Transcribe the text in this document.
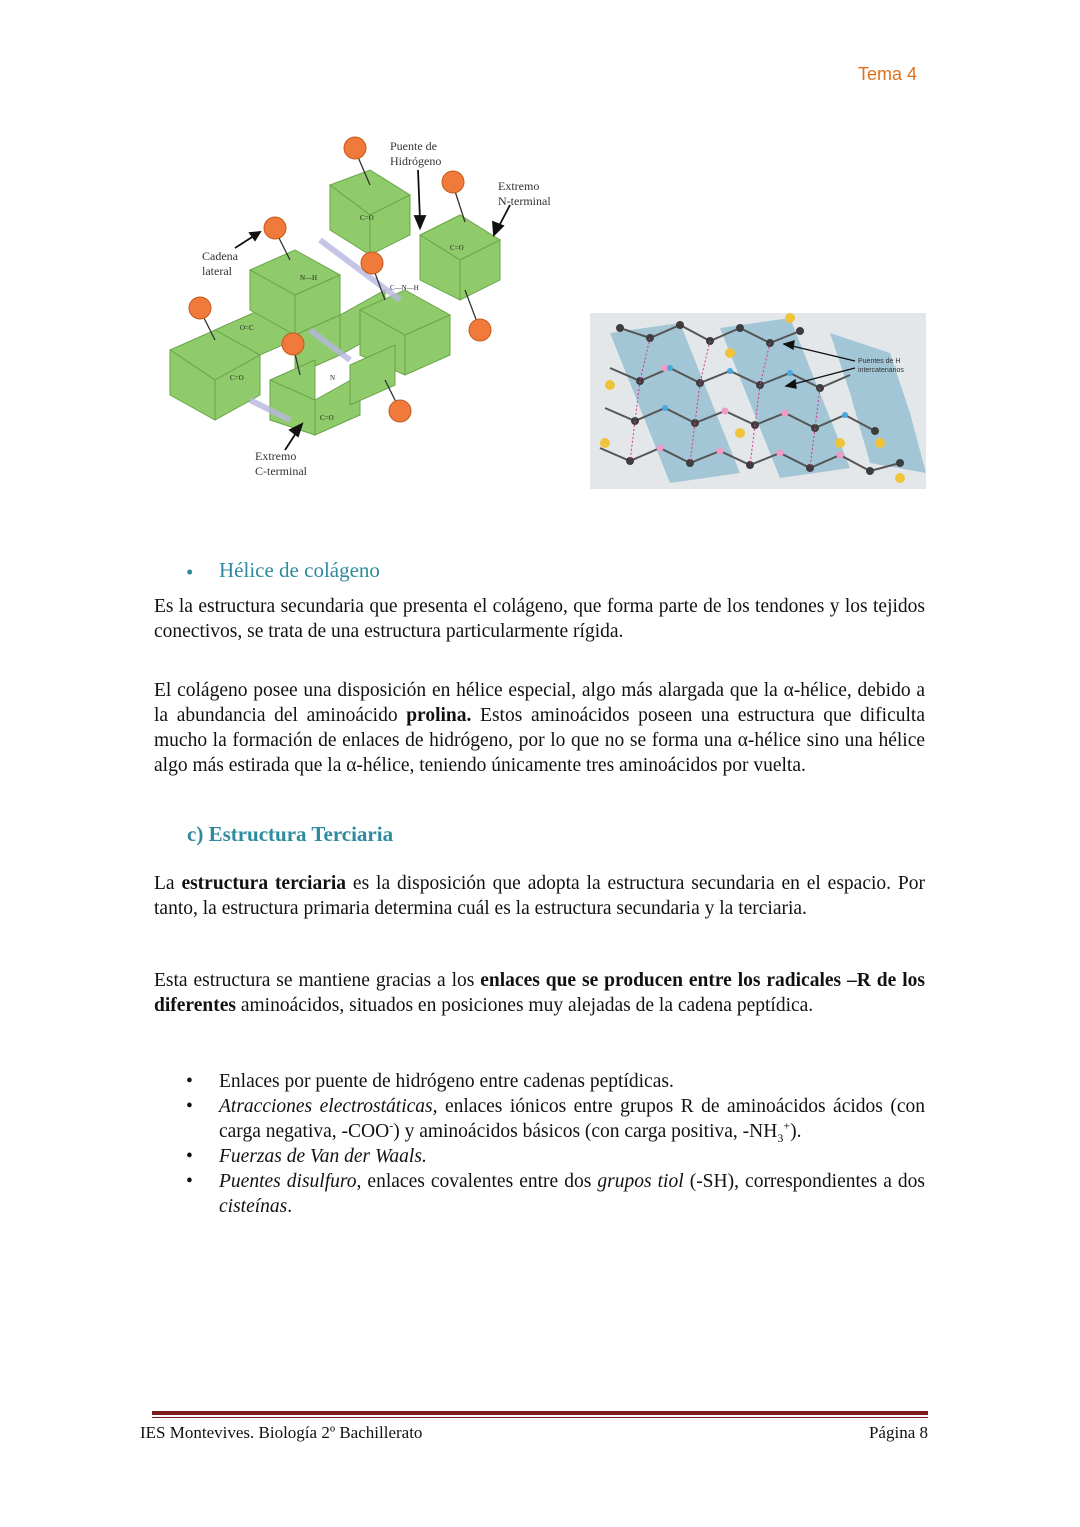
Tema 4
C=O
N—H
C—N—H
O=C
C=O
C=O	N
C=O
Puente de
Hidrógeno
Extremo
N-terminal
Cadena
lateral
Extremo
C-terminal
Puentes de H
intercatenarios
• Hélice de colágeno

Es la estructura secundaria que presenta el colágeno, que forma parte de los tendones y los tejidos conectivos, se trata de una estructura particularmente rígida.

El colágeno posee una disposición en hélice especial, algo más alargada que la α-hélice, debido a la abundancia del aminoácido prolina. Estos aminoácidos poseen una estructura que dificulta mucho la formación de enlaces de hidrógeno, por lo que no se forma una α-hélice sino una hélice algo más estirada que la α-hélice, teniendo únicamente tres aminoácidos por vuelta.

c) Estructura Terciaria

La estructura terciaria es la disposición que adopta la estructura secundaria en el espacio. Por tanto, la estructura primaria determina cuál es la estructura secundaria y la terciaria.

Esta estructura se mantiene gracias a los enlaces que se producen entre los radicales –R de los diferentes aminoácidos, situados en posiciones muy alejadas de la cadena peptídica.

• Enlaces por puente de hidrógeno entre cadenas peptídicas.
• Atracciones electrostáticas, enlaces iónicos entre grupos R de aminoácidos ácidos (con carga negativa, -COO-) y aminoácidos básicos (con carga positiva, $-NH_3^+$).
• Fuerzas de Van der Waals.
• Puentes disulfuro, enlaces covalentes entre dos grupos tiol (-SH), correspondientes a dos cisteínas.
IES Montevives. Biología 2º Bachillerato	Página 8
